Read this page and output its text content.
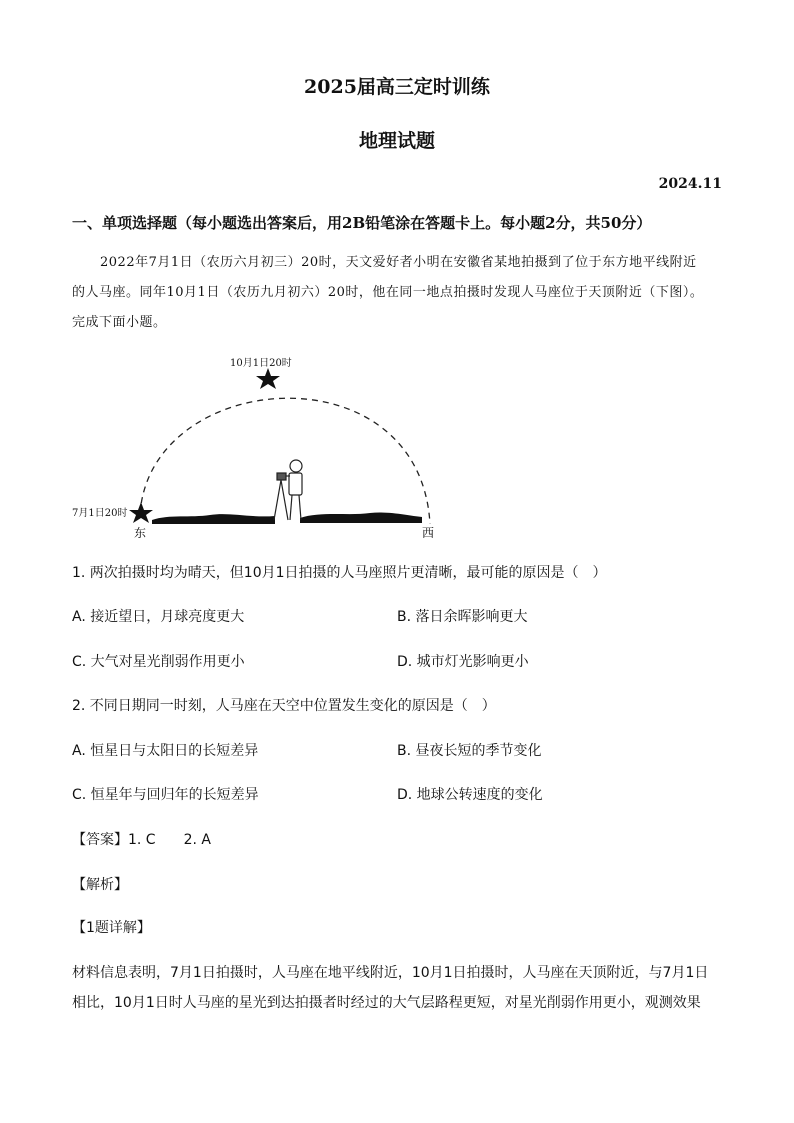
2025届高三定时训练
地理试题
2024.11
一、单项选择题（每小题选出答案后，用2B铅笔涂在答题卡上。每小题2分，共50分）
2022年7月1日（农历六月初三）20时，天文爱好者小明在安徽省某地拍摄到了位于东方地平线附近
的人马座。同年10月1日（农历九月初六）20时，他在同一地点拍摄时发现人马座位于天顶附近（下图）。
完成下面小题。
10月1日20时
7月1日20时
东	西
1. 两次拍摄时均为晴天，但10月1日拍摄的人马座照片更清晰，最可能的原因是（　）
A. 接近望日，月球亮度更大	B. 落日余晖影响更大
C. 大气对星光削弱作用更小	D. 城市灯光影响更小
2. 不同日期同一时刻，人马座在天空中位置发生变化的原因是（　）
A. 恒星日与太阳日的长短差异	B. 昼夜长短的季节变化
C. 恒星年与回归年的长短差异	D. 地球公转速度的变化
【答案】1. C　　2. A
【解析】
【1题详解】
材料信息表明，7月1日拍摄时，人马座在地平线附近，10月1日拍摄时，人马座在天顶附近，与7月1日相比，10月1日时人马座的星光到达拍摄者时经过的大气层路程更短，对星光削弱作用更小，观测效果
